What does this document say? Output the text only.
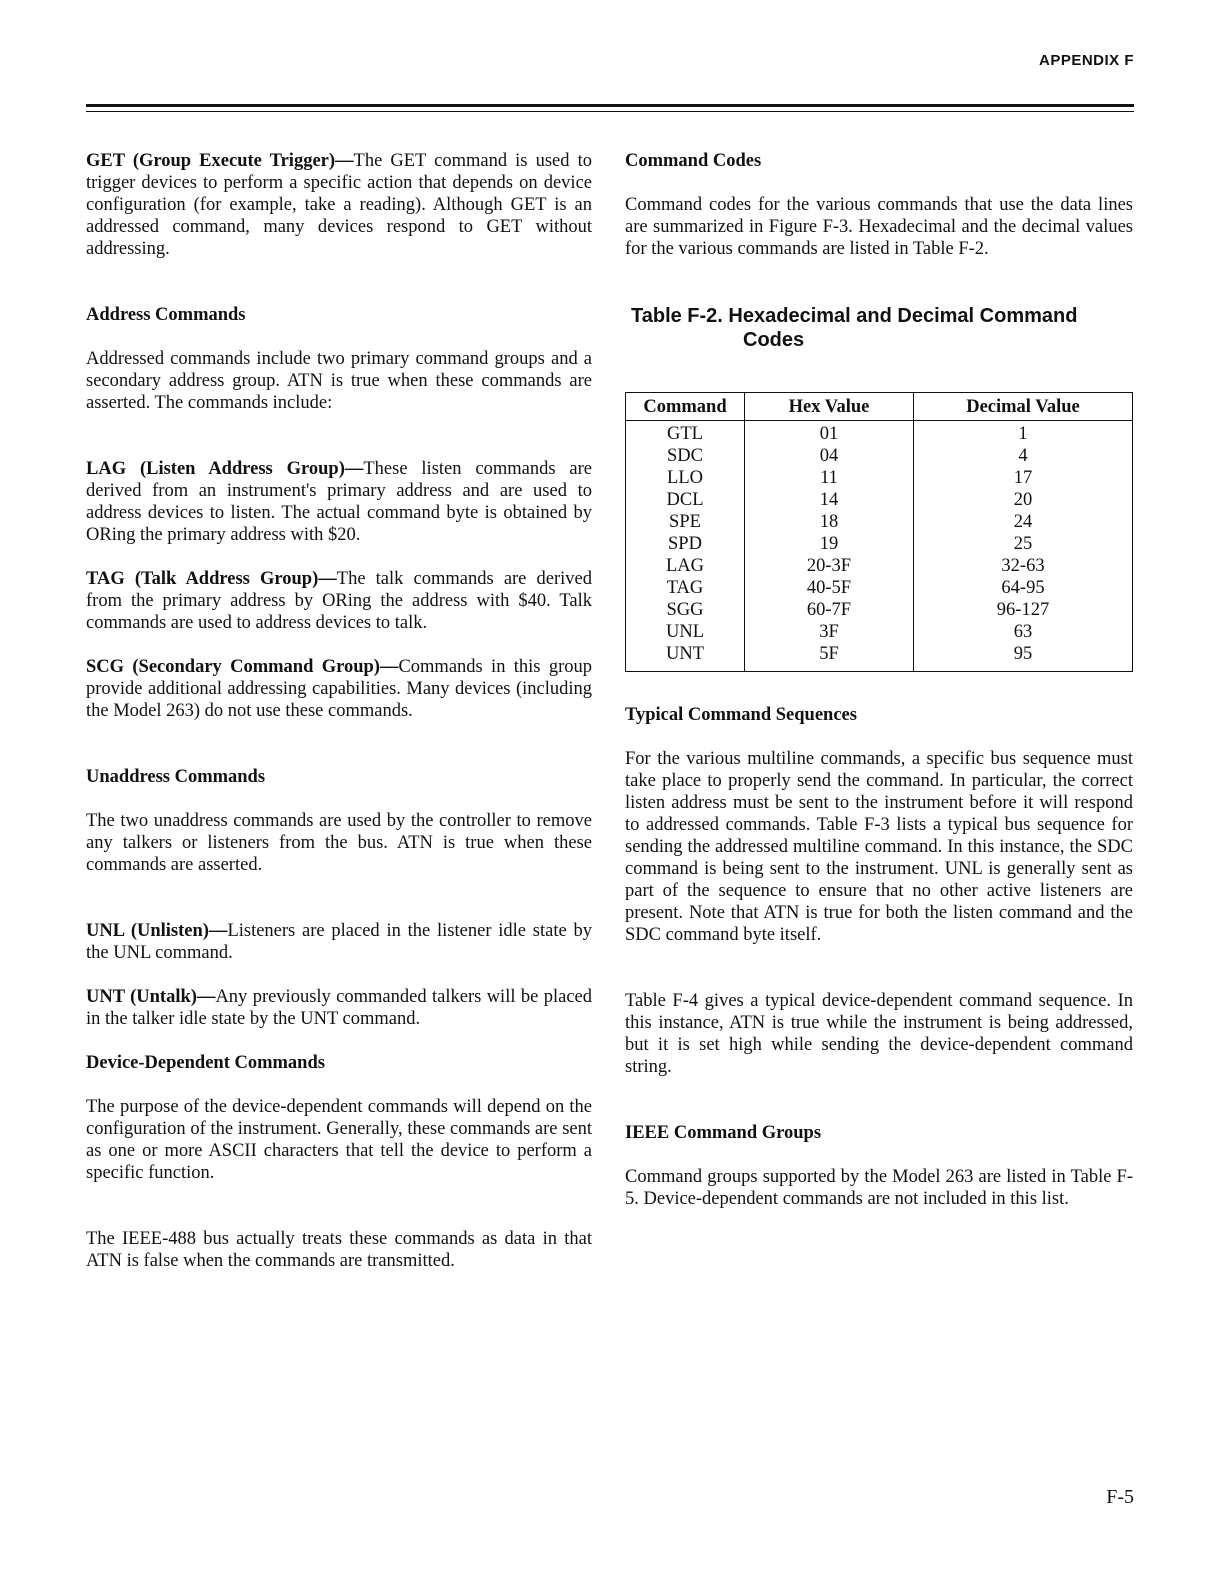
APPENDIX F

GET (Group Execute Trigger)—The GET command is used to trigger devices to perform a specific action that depends on device configuration (for example, take a reading). Although GET is an addressed command, many devices respond to GET without addressing.

Address Commands

Addressed commands include two primary command groups and a secondary address group. ATN is true when these commands are asserted. The commands include:

LAG (Listen Address Group)—These listen commands are derived from an instrument's primary address and are used to address devices to listen. The actual command byte is obtained by ORing the primary address with $20.

TAG (Talk Address Group)—The talk commands are derived from the primary address by ORing the address with $40. Talk commands are used to address devices to talk.

SCG (Secondary Command Group)—Commands in this group provide additional addressing capabilities. Many devices (including the Model 263) do not use these commands.

Unaddress Commands

The two unaddress commands are used by the controller to remove any talkers or listeners from the bus. ATN is true when these commands are asserted.

UNL (Unlisten)—Listeners are placed in the listener idle state by the UNL command.

UNT (Untalk)—Any previously commanded talkers will be placed in the talker idle state by the UNT command.

Device-Dependent Commands

The purpose of the device-dependent commands will depend on the configuration of the instrument. Generally, these commands are sent as one or more ASCII characters that tell the device to perform a specific function.

The IEEE-488 bus actually treats these commands as data in that ATN is false when the commands are transmitted.

Command Codes

Command codes for the various commands that use the data lines are summarized in Figure F-3. Hexadecimal and the decimal values for the various commands are listed in Table F-2.

Table F-2. Hexadecimal and Decimal Command
Codes
Command	Hex Value	Decimal Value
GTL	01	1
SDC	04	4
LLO	11	17
DCL	14	20
SPE	18	24
SPD	19	25
LAG	20-3F	32-63
TAG	40-5F	64-95
SGG	60-7F	96-127
UNL	3F	63
UNT	5F	95
Typical Command Sequences

For the various multiline commands, a specific bus sequence must take place to properly send the command. In particular, the correct listen address must be sent to the instrument before it will respond to addressed commands. Table F-3 lists a typical bus sequence for sending the addressed multiline command. In this instance, the SDC command is being sent to the instrument. UNL is generally sent as part of the sequence to ensure that no other active listeners are present. Note that ATN is true for both the listen command and the SDC command byte itself.

Table F-4 gives a typical device-dependent command sequence. In this instance, ATN is true while the instrument is being addressed, but it is set high while sending the device-dependent command string.

IEEE Command Groups

Command groups supported by the Model 263 are listed in Table F-5. Device-dependent commands are not included in this list.

F-5
